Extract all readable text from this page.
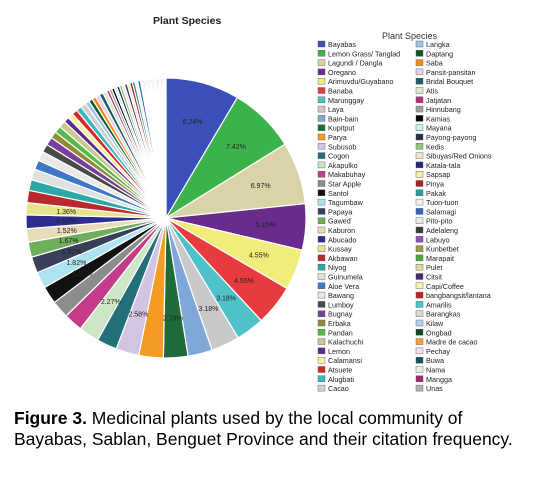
Plant Species
8.24%
7.42%
6.97%
5.15%
4.55%
4.55%
3.18%
3.18%
2.73%
2.58%
2.27%
1.97%
1.82%
1.82%
1.67%
1.52%
1.52%
1.36%
Plant Species
Bayabas
Lemon Grass/ Tanglad
Lagundi / Dangla
Oregano
Arimuvdu/Guyabano
Banaba
Marunggay
Laya
Bain-bain
Kupitput
Parya
Subusob
Cogon
Akapulko
Makabuhay
Star Apple
Santol
Tagumbaw
Papaya
Gawed
Kaburon
Abucado
Kussay
Akbawan
Niyog
Guinumela
Aloe Vera
Bawang
Lumboy
Bugnay
Erbaka
Pandan
Kalachuchi
Lemon
Calamansi
Atsuete
Alugbati
Cacao
Langka
Daptang
Saba
Pansit-pansitan
Bridal Bouquet
Atis
Jatjatan
Hinnubang
Kamias
Mayana
Payong-payong
Kedis
Sibuyas/Red Onions
Katala-tala
Sapsap
Pinya
Pakak
Tuon-tuon
Salamagi
Pito-pito
Adelaleng
Labuyo
Kunbetbet
Marapait
Pulet
Citsit
Capi/Coffee
bangbangsit/lantana
Amarilis
Barangkas
Kilaw
Ongbad
Madre de cacao
Pechay
Buwa
Nama
Mangga
Unas
Figure 3. Medicinal plants used by the local community of Bayabas, Sablan, Benguet Province and their citation frequency.
